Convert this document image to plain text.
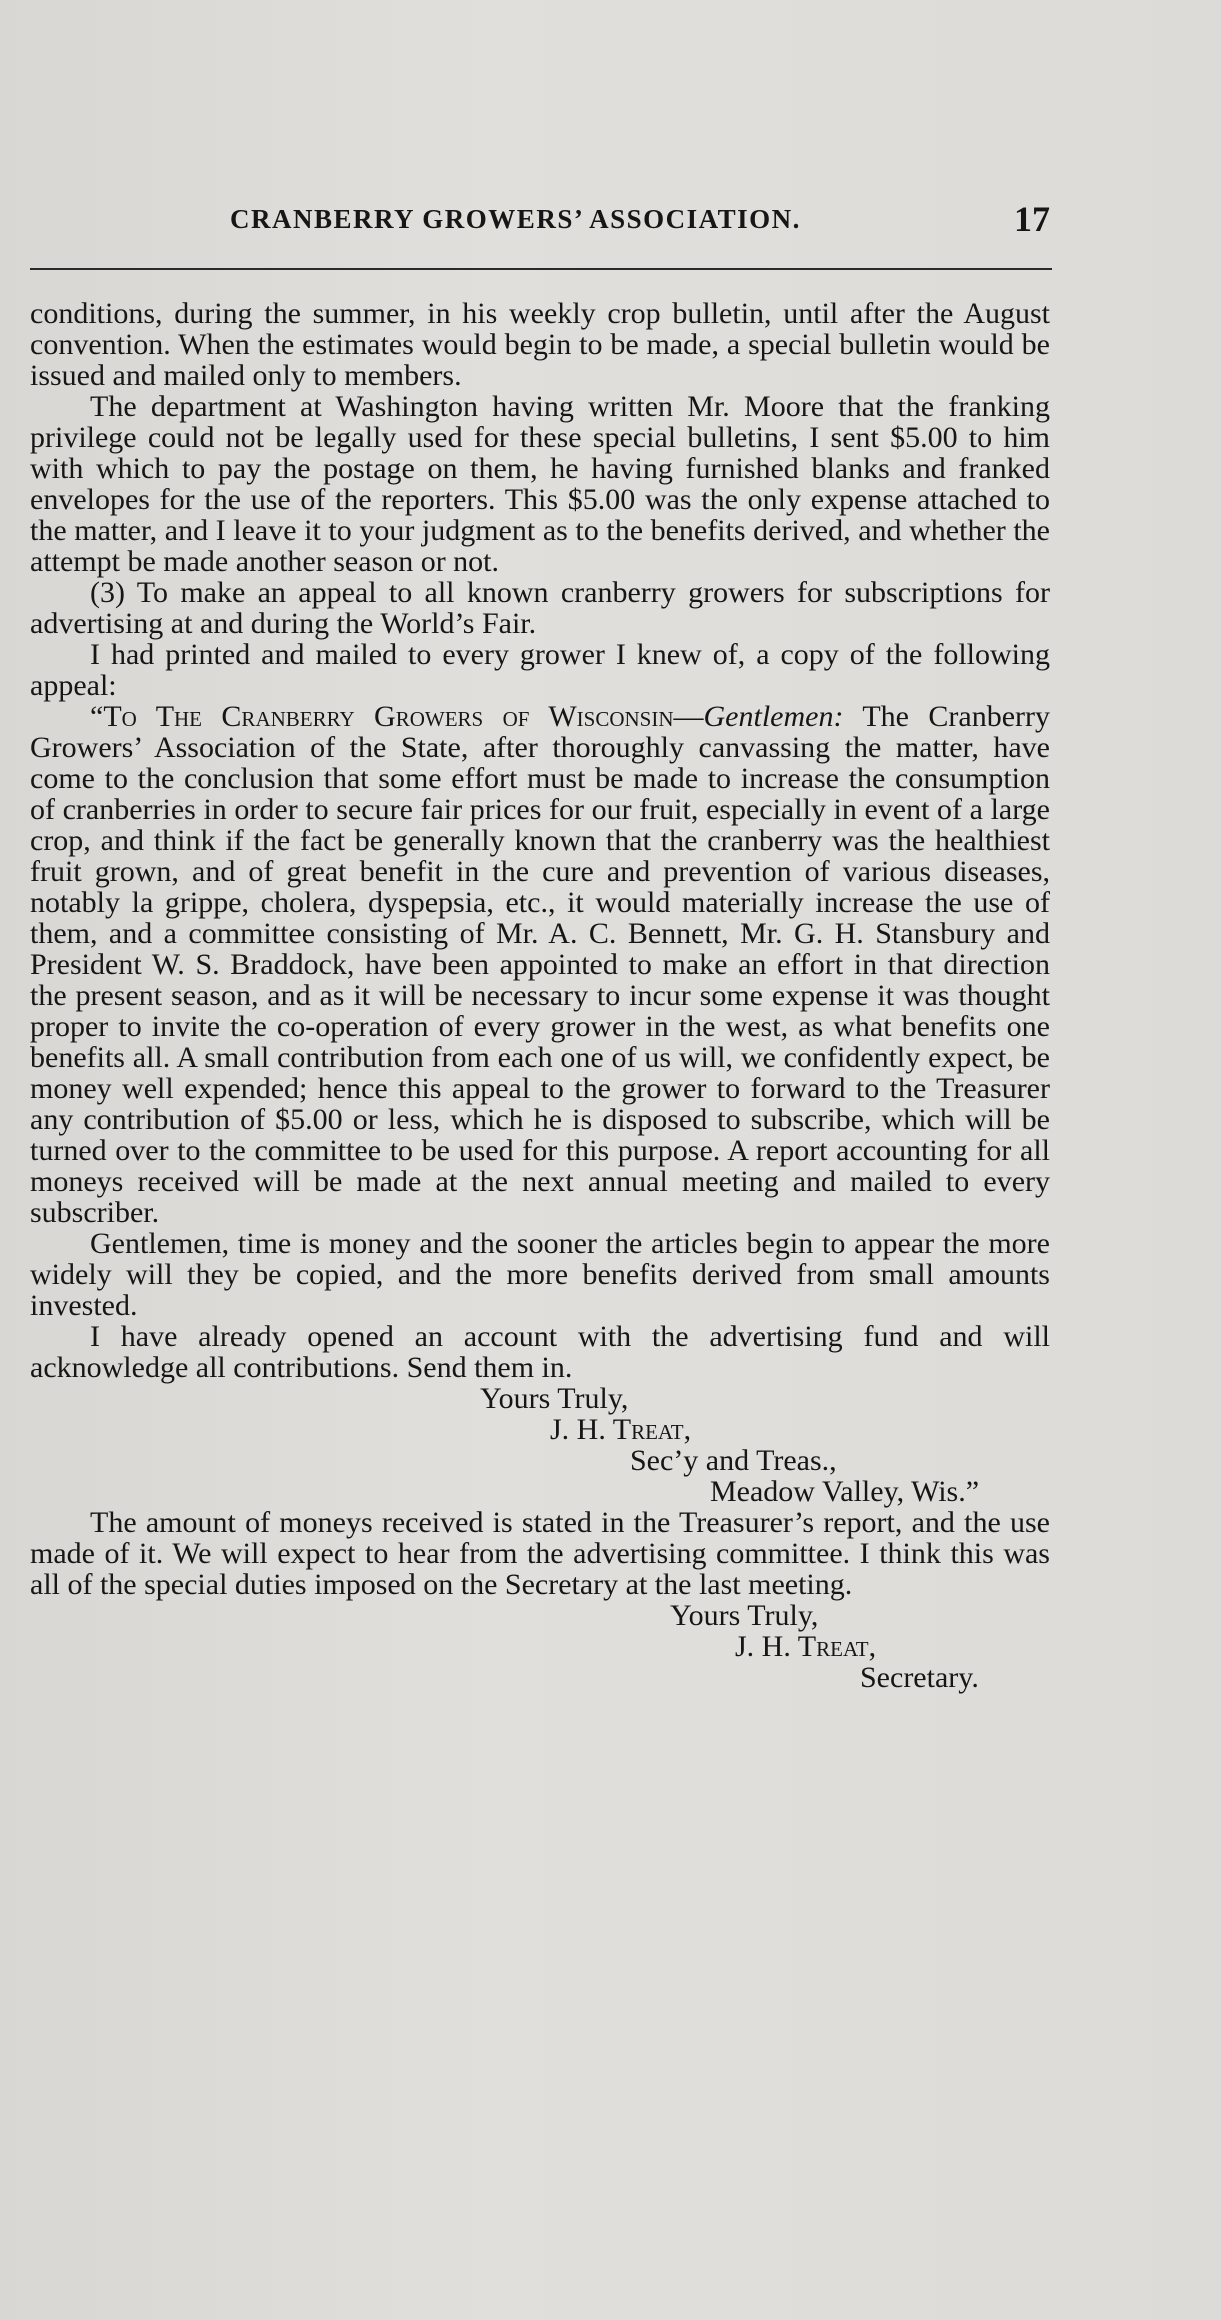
CRANBERRY GROWERS’ ASSOCIATION.	17

conditions, during the summer, in his weekly crop bulletin, until after the August convention. When the estimates would begin to be made, a special bulletin would be issued and mailed only to members.

The department at Washington having written Mr. Moore that the franking privilege could not be legally used for these special bulletins, I sent $5.00 to him with which to pay the postage on them, he having furnished blanks and franked envelopes for the use of the reporters. This $5.00 was the only expense attached to the matter, and I leave it to your judgment as to the benefits derived, and whether the attempt be made another season or not.

(3) To make an appeal to all known cranberry growers for subscriptions for advertising at and during the World’s Fair.

I had printed and mailed to every grower I knew of, a copy of the following appeal:

“To The Cranberry Growers of Wisconsin—Gentlemen: The Cranberry Growers’ Association of the State, after thoroughly canvassing the matter, have come to the conclusion that some effort must be made to increase the consumption of cranberries in order to secure fair prices for our fruit, especially in event of a large crop, and think if the fact be generally known that the cranberry was the healthiest fruit grown, and of great benefit in the cure and prevention of various diseases, notably la grippe, cholera, dyspepsia, etc., it would materially increase the use of them, and a committee consisting of Mr. A. C. Bennett, Mr. G. H. Stansbury and President W. S. Braddock, have been appointed to make an effort in that direction the present season, and as it will be necessary to incur some expense it was thought proper to invite the co-operation of every grower in the west, as what benefits one benefits all. A small contribution from each one of us will, we confidently expect, be money well expended; hence this appeal to the grower to forward to the Treasurer any contribution of $5.00 or less, which he is disposed to subscribe, which will be turned over to the committee to be used for this purpose. A report accounting for all moneys received will be made at the next annual meeting and mailed to every subscriber.

Gentlemen, time is money and the sooner the articles begin to appear the more widely will they be copied, and the more benefits derived from small amounts invested.

I have already opened an account with the advertising fund and will acknowledge all contributions. Send them in.

Yours Truly,

J. H. Treat,

Sec’y and Treas.,

Meadow Valley, Wis.”

The amount of moneys received is stated in the Treasurer’s report, and the use made of it. We will expect to hear from the advertising committee. I think this was all of the special duties imposed on the Secretary at the last meeting.

Yours Truly,

J. H. Treat,

Secretary.
